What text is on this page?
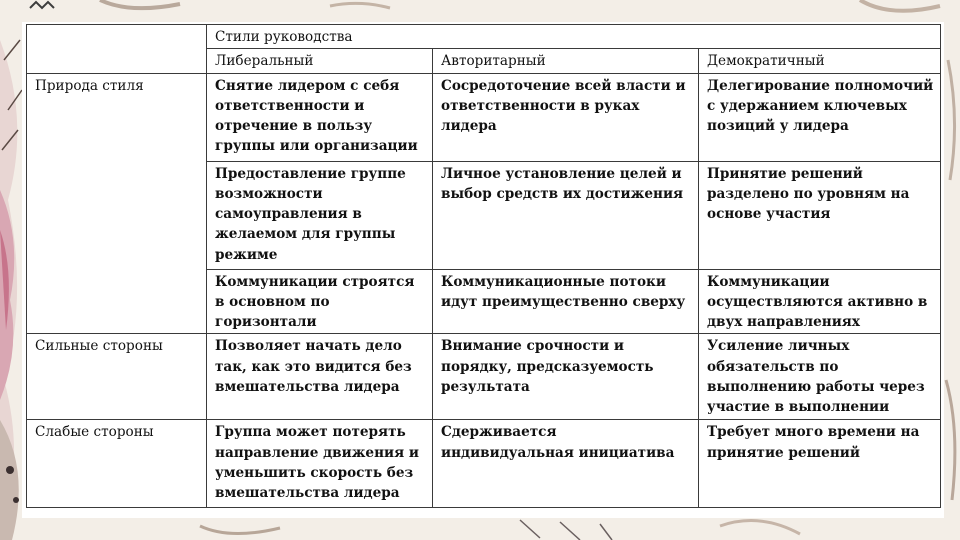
	Стили руководства		
	Либеральный	Авторитарный	Демократичный
Природа стиля	Снятие лидером с себя ответственности и отречение в пользу группы или организации	Сосредоточение всей власти и ответственности в руках лидера	Делегирование полномочий с удержанием ключевых позиций у лидера
	Предоставление группе возможности самоуправления в желаемом для группы режиме	Личное установление целей и выбор средств их достижения	Принятие решений разделено по уровням на основе участия
	Коммуникации строятся в основном по горизонтали	Коммуникационные потоки идут преимущественно сверху	Коммуникации осуществляются активно в двух направлениях
Сильные стороны	Позволяет начать дело так, как это видится без вмешательства лидера	Внимание срочности и порядку, предсказуемость результата	Усиление личных обязательств по выполнению работы через участие в выполнении
Слабые стороны	Группа может потерять направление движения и уменьшить скорость без вмешательства лидера	Сдерживается индивидуальная инициатива	Требует много времени на принятие решений
